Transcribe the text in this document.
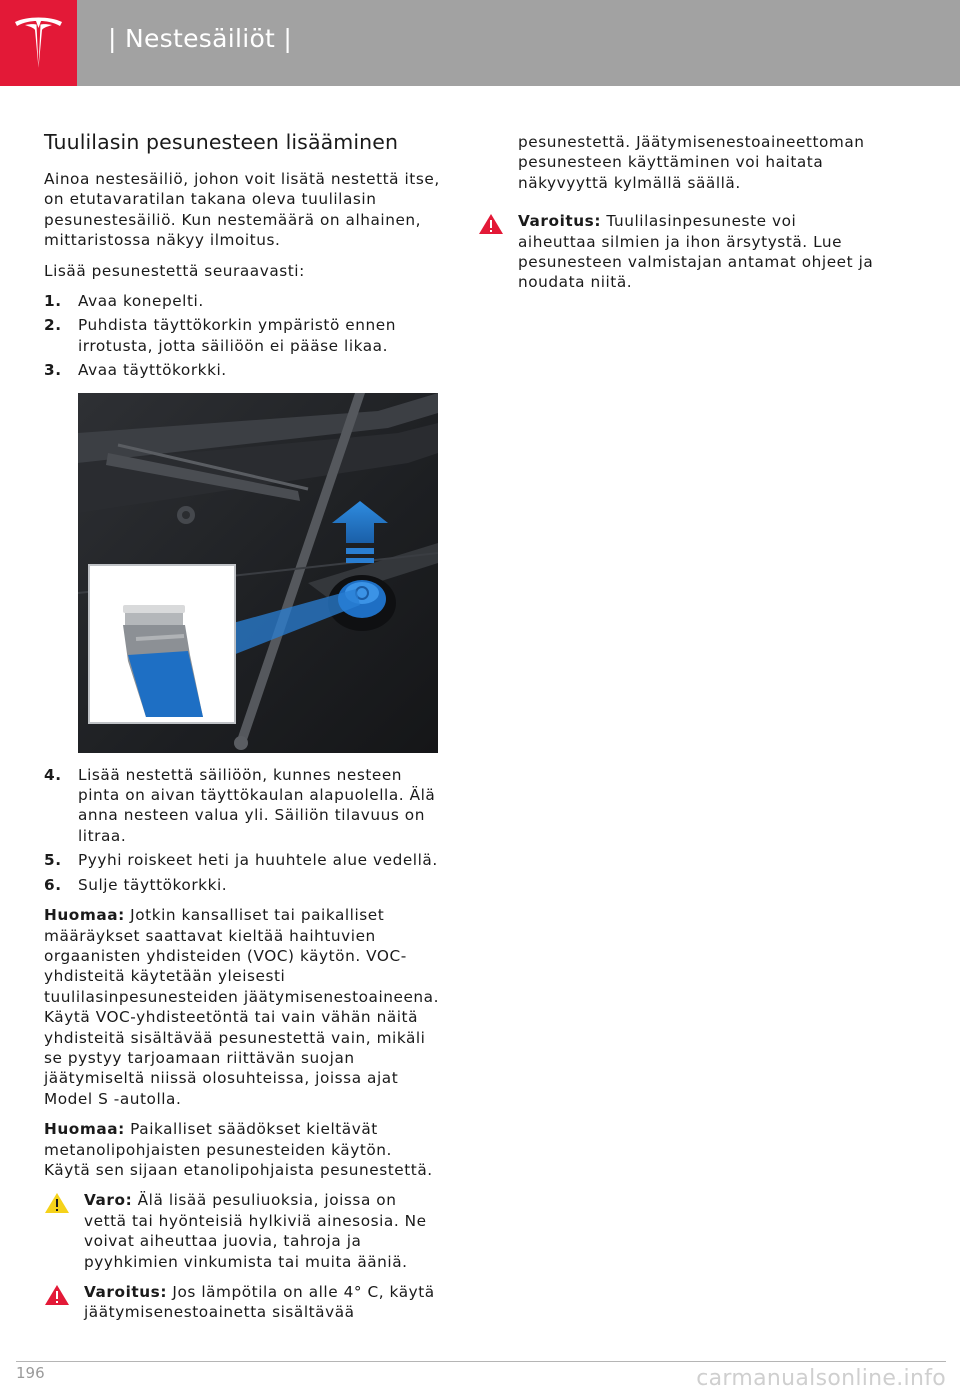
| Nestesäiliöt |
Tuulilasin pesunesteen lisääminen

Ainoa nestesäiliö, johon voit lisätä nestettä itse, on etutavaratilan takana oleva tuulilasin pesunestesäiliö. Kun nestemäärä on alhainen, mittaristossa näkyy ilmoitus.

Lisää pesunestettä seuraavasti:

1. Avaa konepelti.
2. Puhdista täyttökorkin ympäristö ennen irrotusta, jotta säiliöön ei pääse likaa.
3. Avaa täyttökorkki.
4. Lisää nestettä säiliöön, kunnes nesteen pinta on aivan täyttökaulan alapuolella. Älä anna nesteen valua yli. Säiliön tilavuus on litraa.
5. Pyyhi roiskeet heti ja huuhtele alue vedellä.
6. Sulje täyttökorkki.

Huomaa: Jotkin kansalliset tai paikalliset määräykset saattavat kieltää haihtuvien orgaanisten yhdisteiden (VOC) käytön. VOC-yhdisteitä käytetään yleisesti tuulilasinpesunesteiden jäätymisenestoaineena. Käytä VOC-yhdisteetöntä tai vain vähän näitä yhdisteitä sisältävää pesunestettä vain, mikäli se pystyy tarjoamaan riittävän suojan jäätymiseltä niissä olosuhteissa, joissa ajat Model S -autolla.

Huomaa: Paikalliset säädökset kieltävät metanolipohjaisten pesunesteiden käytön. Käytä sen sijaan etanolipohjaista pesunestettä.

Varo: Älä lisää pesuliuoksia, joissa on vettä tai hyönteisiä hylkiviä ainesosia. Ne voivat aiheuttaa juovia, tahroja ja pyyhkimien vinkumista tai muita ääniä.

Varoitus: Jos lämpötila on alle 4° C, käytä jäätymisenestoainetta sisältävää

pesunestettä. Jäätymisenestoaineettoman pesunesteen käyttäminen voi haitata näkyvyyttä kylmällä säällä.

Varoitus: Tuulilasinpesuneste voi aiheuttaa silmien ja ihon ärsytystä. Lue pesunesteen valmistajan antamat ohjeet ja noudata niitä.

196	carmanualsonline.info
